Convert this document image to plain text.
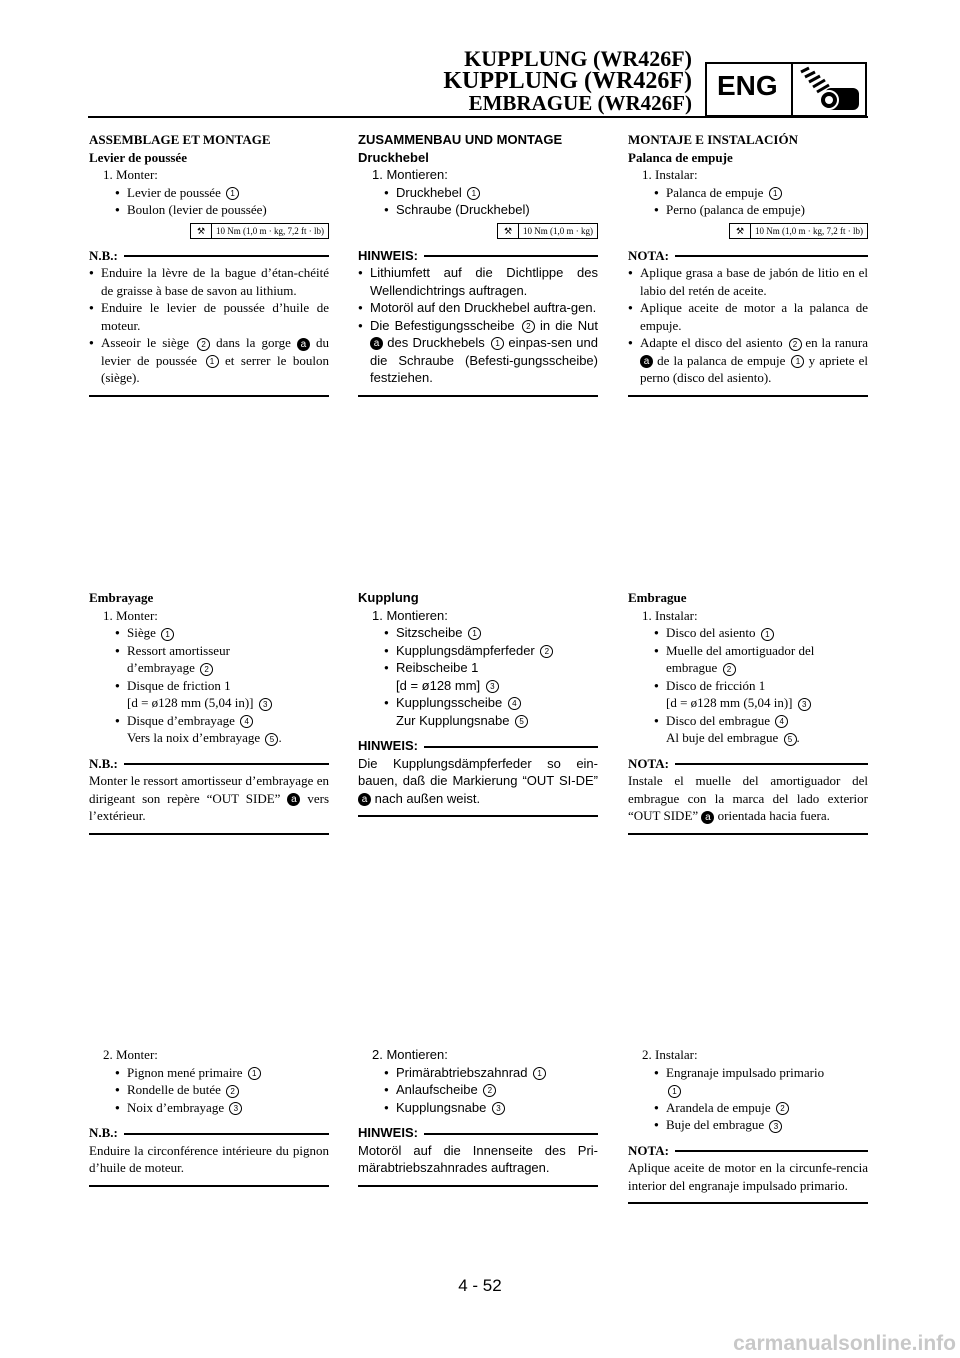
KUPPLUNG (WR426F)
KUPPLUNG (WR426F)
EMBRAGUE (WR426F)
ENG
ASSEMBLAGE ET MONTAGE
Levier de poussée
1. Monter:
● Levier de poussée 1
● Boulon (levier de poussée)
⚒	10 Nm (1,0 m · kg, 7,2 ft · lb)
N.B.:
● Enduire la lèvre de la bague d’étan-chéité de graisse à base de savon au lithium.
● Enduire le levier de poussée d’huile de moteur.
● Asseoir le siège 2 dans la gorge a du levier de poussée 1 et serrer le boulon (siège).
Embrayage
1. Monter:
● Siège 1
● Ressort amortisseur
d’embrayage 2
● Disque de friction 1
[d = ø128 mm (5,04 in)] 3
● Disque d’embrayage 4
Vers la noix d’embrayage 5 .
N.B.:
Monter le ressort amortisseur d’embrayage en dirigeant son repère “OUT SIDE” a vers l’extérieur.
2. Monter:
● Pignon mené primaire 1
● Rondelle de butée 2
● Noix d’embrayage 3
N.B.:
Enduire la circonférence intérieure du pignon d’huile de moteur.
ZUSAMMENBAU UND MONTAGE
Druckhebel
1. Montieren:
● Druckhebel 1
● Schraube (Druckhebel)
⚒	10 Nm (1,0 m · kg)
HINWEIS:
● Lithiumfett auf die Dichtlippe des Wellendichtrings auftragen.
● Motoröl auf den Druckhebel auftra-gen.
● Die Befestigungsscheibe 2 in die Nut a des Druckhebels 1 einpas-sen und die Schraube (Befesti-gungsscheibe) festziehen.
Kupplung
1. Montieren:
● Sitzscheibe 1
● Kupplungsdämpferfeder 2
● Reibscheibe 1
[d = ø128 mm] 3
● Kupplungsscheibe 4
Zur Kupplungsnabe 5
HINWEIS:
Die Kupplungsdämpferfeder so ein-bauen, daß die Markierung “OUT SI-DE” a nach außen weist.
2. Montieren:
● Primärabtriebszahnrad 1
● Anlaufscheibe 2
● Kupplungsnabe 3
HINWEIS:
Motoröl auf die Innenseite des Pri-märabtriebszahnrades auftragen.
MONTAJE E INSTALACIÓN
Palanca de empuje
1. Instalar:
● Palanca de empuje 1
● Perno (palanca de empuje)
⚒	10 Nm (1,0 m · kg, 7,2 ft · lb)
NOTA:
● Aplique grasa a base de jabón de litio en el labio del retén de aceite.
● Aplique aceite de motor a la palanca de empuje.
● Adapte el disco del asiento 2 en la ranura a de la palanca de empuje 1 y apriete el perno (disco del asiento).
Embrague
1. Instalar:
● Disco del asiento 1
● Muelle del amortiguador del
embrague 2
● Disco de fricción 1
[d = ø128 mm (5,04 in)] 3
● Disco del embrague 4
Al buje del embrague 5 .
NOTA:
Instale el muelle del amortiguador del embrague con la marca del lado exterior “OUT SIDE” a orientada hacia fuera.
2. Instalar:
● Engranaje impulsado primario
1
● Arandela de empuje 2
● Buje del embrague 3
NOTA:
Aplique aceite de motor en la circunfe-rencia interior del engranaje impulsado primario.
4 - 52
carmanualsonline.info
